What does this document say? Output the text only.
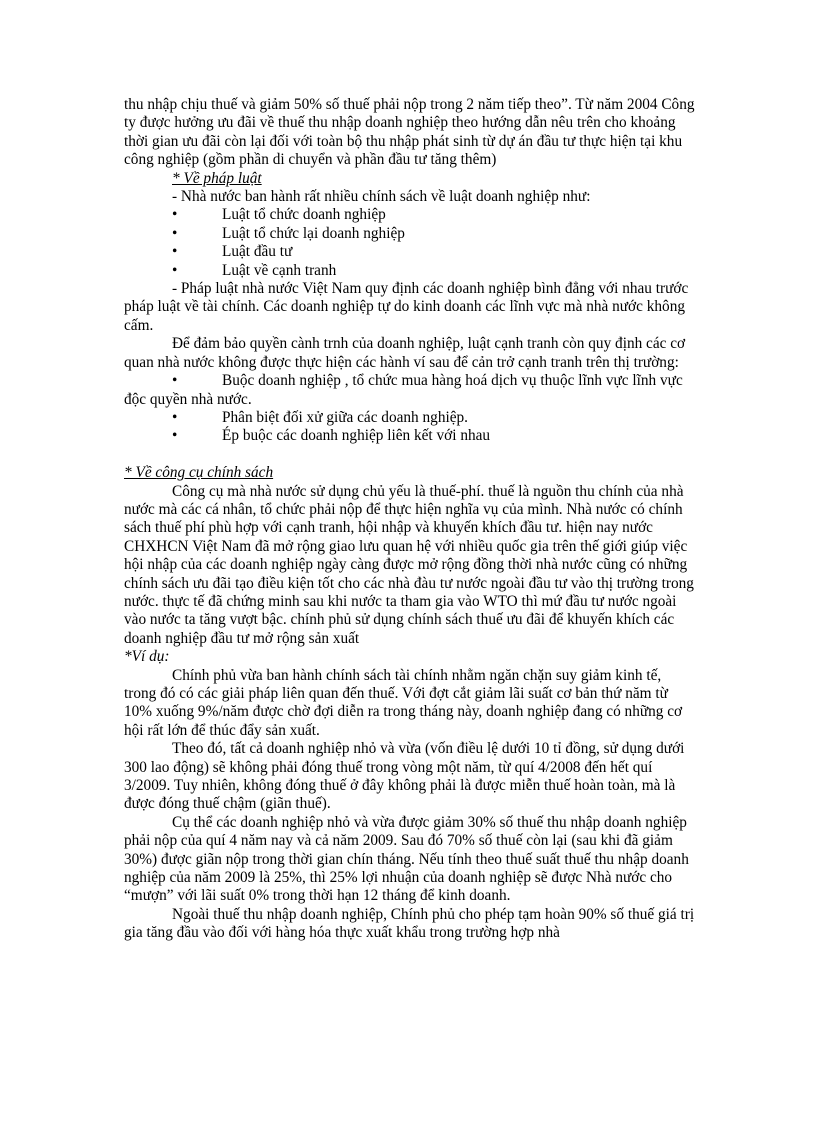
thu nhập chịu thuế và giảm 50% số thuế phải nộp trong 2 năm tiếp theo”. Từ năm 2004 Công ty được hưởng ưu đãi về thuế thu nhập doanh nghiệp theo hướng dẫn nêu trên cho khoảng thời gian ưu đãi còn lại đối với toàn bộ thu nhập phát sinh từ dự án đầu tư thực hiện tại khu công nghiệp (gồm phần di chuyển và phần đầu tư tăng thêm)

* Về pháp luật

- Nhà nước ban hành rất nhiều chính sách về luật doanh nghiệp như:

•	Luật tổ chức doanh nghiệp
•	Luật tổ chức lại doanh nghiệp
•	Luật đầu tư
•	Luật về cạnh tranh

- Pháp luật nhà nước Việt Nam quy định các doanh nghiệp bình đẳng với nhau trước pháp luật về tài chính. Các doanh nghiệp tự do kinh doanh các lĩnh vực mà nhà nước không cấm.

Để đảm bảo quyền cành trnh của doanh nghiệp, luật cạnh tranh còn quy định các cơ quan nhà nước không được thực hiện các hành ví sau để cản trở cạnh tranh trên thị trường:

•	Buộc doanh nghiệp , tổ chức mua hàng hoá dịch vụ thuộc lĩnh vực lĩnh vực độc quyền nhà nước.

•	Phân biệt đối xử giữa các doanh nghiệp.
•	Ép buộc các doanh nghiệp liên kết với nhau

* Về công cụ chính sách

Công cụ mà nhà nước sử dụng chủ yếu là thuế-phí. thuế là nguồn thu chính của nhà nước mà các cá nhân, tổ chức phải nộp để thực hiện nghĩa vụ của mình. Nhà nước có chính sách thuế phí phù hợp với cạnh tranh, hội nhập và khuyến khích đầu tư. hiện nay nước CHXHCN Việt Nam đã mở rộng giao lưu quan hệ với nhiều quốc gia trên thế giới giúp việc hội nhập của các doanh nghiệp ngày càng được mở rộng đồng thời nhà nước cũng có những chính sách ưu đãi tạo điều kiện tốt cho các nhà đàu tư nước ngoài đầu tư vào thị trường trong nước. thực tế đã chứng minh sau khi nước ta tham gia vào WTO thì mứ đầu tư nước ngoài vào nước ta tăng vượt bậc. chính phủ sử dụng chính sách thuế ưu đãi để khuyến khích các doanh nghiệp đầu tư mở rộng sản xuất

*Ví dụ:

Chính phủ vừa ban hành chính sách tài chính nhằm ngăn chặn suy giảm kinh tế, trong đó có các giải pháp liên quan đến thuế. Với đợt cắt giảm lãi suất cơ bản thứ năm từ 10% xuống 9%/năm được chờ đợi diễn ra trong tháng này, doanh nghiệp đang có những cơ hội rất lớn để thúc đẩy sản xuất.

Theo đó, tất cả doanh nghiệp nhỏ và vừa (vốn điều lệ dưới 10 tỉ đồng, sử dụng dưới 300 lao động) sẽ không phải đóng thuế trong vòng một năm, từ quí 4/2008 đến hết quí 3/2009. Tuy nhiên, không đóng thuế ở đây không phải là được miễn thuế hoàn toàn, mà là được đóng thuế chậm (giãn thuế).

Cụ thể các doanh nghiệp nhỏ và vừa được giảm 30% số thuế thu nhập doanh nghiệp phải nộp của quí 4 năm nay và cả năm 2009. Sau đó 70% số thuế còn lại (sau khi đã giảm 30%) được giãn nộp trong thời gian chín tháng. Nếu tính theo thuế suất thuế thu nhập doanh nghiệp của năm 2009 là 25%, thì 25% lợi nhuận của doanh nghiệp sẽ được Nhà nước cho “mượn” với lãi suất 0% trong thời hạn 12 tháng để kinh doanh.

Ngoài thuế thu nhập doanh nghiệp, Chính phủ cho phép tạm hoàn 90% số thuế giá trị gia tăng đầu vào đối với hàng hóa thực xuất khẩu trong trường hợp nhà
